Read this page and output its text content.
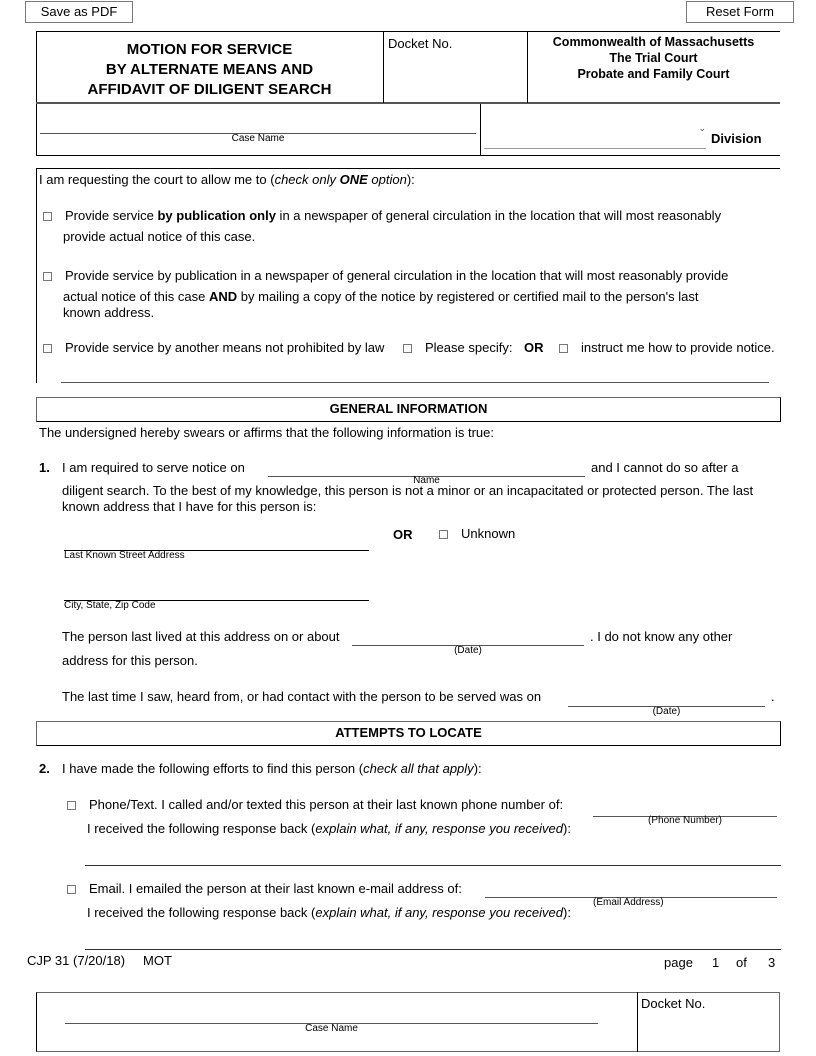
Save as PDF	Reset Form
MOTION FOR SERVICE
BY ALTERNATE MEANS AND
AFFIDAVIT OF DILIGENT SEARCH
Docket No.	Commonwealth of Massachusetts
The Trial Court
Probate and Family Court
Case Name
⌄
Division
I am requesting the court to allow me to (check only ONE option):
Provide service by publication only in a newspaper of general circulation in the location that will most reasonably
provide actual notice of this case.
Provide service by publication in a newspaper of general circulation in the location that will most reasonably provide
actual notice of this case AND by mailing a copy of the notice by registered or certified mail to the person's last
known address.
Provide service by another means not prohibited by law	Please specify: OR	instruct me how to provide notice.
GENERAL INFORMATION
The undersigned hereby swears or affirms that the following information is true:
1. I am required to serve notice on
Name
and I cannot do so after a
diligent search. To the best of my knowledge, this person is not a minor or an incapacitated or protected person. The last
known address that I have for this person is:
OR	Unknown
Last Known Street Address
City, State, Zip Code
The person last lived at this address on or about
(Date)
. I do not know any other
address for this person.
The last time I saw, heard from, or had contact with the person to be served was on
(Date)
.
ATTEMPTS TO LOCATE
2. I have made the following efforts to find this person (check all that apply):
Phone/Text. I called and/or texted this person at their last known phone number of:
(Phone Number)
I received the following response back (explain what, if any, response you received):
Email. I emailed the person at their last known e-mail address of:
(Email Address)
I received the following response back (explain what, if any, response you received):
CJP 31 (7/20/18) MOT	page 1 of 3
Case Name
Docket No.
